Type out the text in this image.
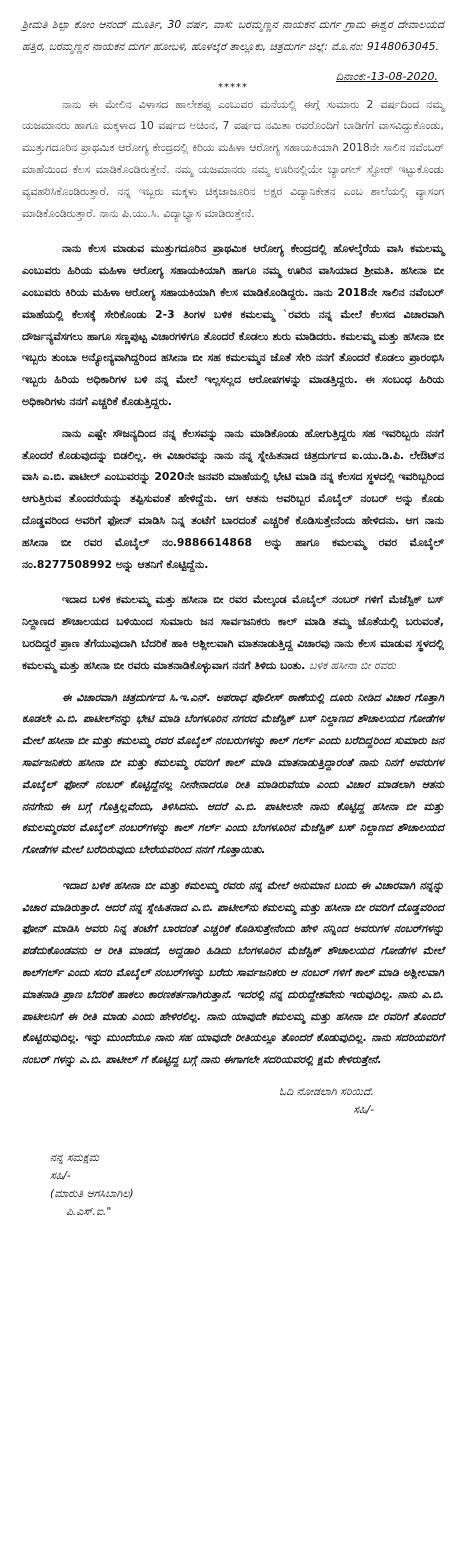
ಶ್ರೀಮತಿ ಶಿಲ್ಪಾ ಕೋಂ ಆನಂದ್ ಮೂರ್ತಿ, 30 ವರ್ಷ, ವಾಸ: ಬರಮ್ಮಣ್ಣನ ನಾಯಕನ ದುರ್ಗ ಗ್ರಾಮ ಈಶ್ವರ ದೇವಾಲಯದ ಹತ್ತಿರ, ಬರಮ್ಮಣ್ಣನ ನಾಯಕನ ದುರ್ಗ ಹೋಬಳಿ, ಹೊಳಲ್ಕೆರೆ ತಾಲ್ಲೂಕು, ಚಿತ್ರದುರ್ಗ ಜಿಲ್ಲೆ: ಮೊ.ನಂ: 9148063045.

ದಿನಾಂಕ:-13-08-2020.
*****

ನಾನು ಈ ಮೇಲಿನ ವಿಳಾಸದ ಹಾಲೇಶಪ್ಪ ಎಂಬುವರ ಮನೆಯಲ್ಲಿ ಈಗ್ಗೆ ಸುಮಾರು 2 ವರ್ಷದಿಂದ ನಮ್ಮ ಯಜಮಾನರು ಹಾಗೂ ಮಕ್ಕಳಾದ 10 ವರ್ಷದ ಅಚಿಂನ, 7 ವರ್ಷದ ನಮಿತಾ ರವರೊಂದಿಗೆ ಬಾಡಿಗೆಗೆ ವಾಸವಿದ್ದುಕೊಂಡು, ಮುತ್ತುಗದೂರಿನ ಪ್ರಾಥಮಿಕ ಆರೋಗ್ಯ ಕೇಂದ್ರದಲ್ಲಿ ಕಿರಿಯ ಮಹಿಳಾ ಆರೋಗ್ಯ ಸಹಾಯಕಿಯಾಗಿ 2018ನೇ ಸಾಲಿನ ನವೆಂಬರ್ ಮಾಹೆಯಿಂದ ಕೆಲಸ ಮಾಡಿಕೊಂಡಿರುತ್ತೇನೆ. ನಮ್ಮ ಯಜಮಾನರು ನಮ್ಮ ಊರಿನಲ್ಲಿಯೇ ಬ್ಯಾಂಗಲ್ ಸ್ಟೋರ್ ಇಟ್ಟುಕೊಂಡು ವ್ಯವಹರಿಸಿಕೊಂಡಿರುತ್ತಾರೆ. ನನ್ನ ಇಬ್ಬರು ಮಕ್ಕಳು ಚಿಕ್ಕಜಾಜೂರಿನ ಅಕ್ಷರ ವಿದ್ಯಾನಿಕೇತನ ಎಂಬ ಶಾಲೆಯಲ್ಲಿ ವ್ಯಾಸಂಗ ಮಾಡಿಕೊಂಡಿರುತ್ತಾರೆ. ನಾನು ಪಿ.ಯು.ಸಿ. ವಿದ್ಯಾಭ್ಯಾಸ ಮಾಡಿರುತ್ತೇನೆ.

ನಾನು ಕೆಲಸ ಮಾಡುವ ಮುತ್ತುಗದೂರಿನ ಪ್ರಾಥಮಿಕ ಆರೋಗ್ಯ ಕೇಂದ್ರದಲ್ಲಿ ಹೊಳಲ್ಕೆರೆಯ ವಾಸಿ ಕಮಲಮ್ಮ ಎಂಬುವರು ಹಿರಿಯ ಮಹಿಳಾ ಆರೋಗ್ಯ ಸಹಾಯಕಿಯಾಗಿ ಹಾಗೂ ನಮ್ಮ ಊರಿನ ವಾಸಿಯಾದ ಶ್ರೀಮತಿ. ಹಸೀನಾ ಬೀ ಎಂಬುವರು ಕಿರಿಯ ಮಹಿಳಾ ಆರೋಗ್ಯ ಸಹಾಯಕಿಯಾಗಿ ಕೆಲಸ ಮಾಡಿಕೊಂಡಿದ್ದರು. ನಾನು 2018ನೇ ಸಾಲಿನ ನವೆಂಬರ್ ಮಾಹೆಯಲ್ಲಿ ಕೆಲಸಕ್ಕೆ ಸೇರಿಕೊಂಡು 2-3 ತಿಂಗಳ ಬಳಿಕ ಕಮಲಮ್ಮ `ರವರು ನನ್ನ ಮೇಲೆ ಕೆಲಸದ ವಿಚಾರವಾಗಿ ದೌರ್ಜನ್ಯವೆಸಗಲು ಹಾಗೂ ಸಣ್ಣಪುಟ್ಟ ವಿಚಾರಗಳಿಗೂ ತೊಂದರೆ ಕೊಡಲು ಶುರು ಮಾಡಿದರು. ಕಮಲಮ್ಮ ಮತ್ತು ಹಸೀನಾ ಬೀ ಇಬ್ಬರು ತುಂಬಾ ಅನ್ಯೋನ್ಯವಾಗಿದ್ದರಿಂದ ಹಸೀನಾ ಬೀ ಸಹ ಕಮಲಮ್ಮನ ಜೊತೆ ಸೇರಿ ನನಗೆ ತೊಂದರೆ ಕೊಡಲು ಪ್ರಾರಂಭಿಸಿ ಇಬ್ಬರು ಹಿರಿಯ ಅಧಿಕಾರಿಗಳ ಬಳಿ ನನ್ನ ಮೇಲೆ ಇಲ್ಲಸಲ್ಲದ ಆರೋಪಗಳನ್ನು ಮಾಡತ್ತಿದ್ದರು. ಈ ಸಂಬಂಧ ಹಿರಿಯ ಅಧಿಕಾರಿಗಳು ನನಗೆ ಎಚ್ಚರಿಕೆ ಕೊಡುತ್ತಿದ್ದರು.

ನಾನು ಎಷ್ಟೇ ಸೌಜನ್ಯದಿಂದ ನನ್ನ ಕೆಲಸವನ್ನು ನಾನು ಮಾಡಿಕೊಂಡು ಹೋಗುತ್ತಿದ್ದರು ಸಹ ಇವರಿಬ್ಬರು ನನಗೆ ತೊಂದರೆ ಕೊಡುವುದನ್ನು ಬಿಡಲಿಲ್ಲ. ಈ ವಿಚಾರವನ್ನು ನಾನು ನನ್ನ ಸ್ನೇಹಿತನಾದ ಚಿತ್ರದುರ್ಗದ ಐ.ಯು.ಡಿ.ಪಿ. ಲೇಔಟ್‌ನ ವಾಸಿ ಎ.ಬಿ. ಪಾಟೀಲ್ ಎಂಬುವರನ್ನು 2020ನೇ ಜನವರಿ ಮಾಹೆಯಲ್ಲಿ ಭೇಟಿ ಮಾಡಿ ನನ್ನ ಕೆಲಸದ ಸ್ಥಳದಲ್ಲಿ ಇವರಿಬ್ಬರಿಂದ ಆಗುತ್ತಿರುವ ತೊಂದರೆಯನ್ನು ತಪ್ಪಿಸುವಂತೆ ಹೇಳಿದ್ದೆನು. ಆಗ ಆತನು ಅವರಿಬ್ಬರ ಮೊಬೈಲ್ ನಂಬರ್ ಅನ್ನು ಕೊಡು ದೊಡ್ಡವರಿಂದ ಅವರಿಗೆ ಫೋನ್ ಮಾಡಿಸಿ ನಿನ್ನ ತಂಟೆಗೆ ಬಾರದಂತೆ ಎಚ್ಚರಿಕೆ ಕೊಡಿಸುತ್ತೇನೆಂದು ಹೇಳಿದನು. ಆಗ ನಾನು ಹಸೀನಾ ಬೀ ರವರ ಮೊಬೈಲ್ ನಂ.9886614868 ಅನ್ನು ಹಾಗೂ ಕಮಲಮ್ಮ ರವರ ಮೊಬೈಲ್ ನಂ.8277508992 ಅನ್ನು ಆತನಿಗೆ ಕೊಟ್ಟಿದ್ದೆನು.

ಇದಾದ ಬಳಿಕ ಕಮಲಮ್ಮ ಮತ್ತು ಹಸೀನಾ ಬೀ ರವರ ಮೇಲ್ಕಂಡ ಮೊಬೈಲ್ ನಂಬರ್ ಗಳಿಗೆ ಮೆಜೆಸ್ಟಿಕ್ ಬಸ್ ನಿಲ್ದಾಣದ ಶೌಚಾಲಯದ ಬಳಿಯಿಂದ ಸುಮಾರು ಜನ ಸಾರ್ವಜನಿಕರು ಕಾಲ್ ಮಾಡಿ ತಮ್ಮ ಜೊತೆಯಲ್ಲಿ ಬರುವಂತೆ, ಬರದಿದ್ದರೆ ಪ್ರಾಣ ತೆಗೆಯುವುದಾಗಿ ಬೆದರಿಕೆ ಹಾಕಿ ಅಶ್ಲೀಲವಾಗಿ ಮಾತನಾಡುತ್ತಿದ್ದ ವಿಚಾರವು ನಾನು ಕೆಲಸ ಮಾಡುವ ಸ್ಥಳದಲ್ಲಿ ಕಮಲಮ್ಮ ಮತ್ತು ಹಸೀನಾ ಬೀ ರವರು ಮಾತನಾಡಿಕೊಳ್ಳುವಾಗ ನನಗೆ ತಿಳಿದು ಬಂತು. ಬಳಿಕ ಹಸೀನಾ ಬೀ ರವರು

ಈ ವಿಚಾರವಾಗಿ ಚಿತ್ರದುರ್ಗದ ಸಿ.ಇ.ಎನ್. ಅಪರಾಧ ಪೊಲೀಸ್ ಠಾಣೆಯಲ್ಲಿ ದೂರು ನೀಡಿದ ವಿಚಾರ ಗೊತ್ತಾಗಿ ಕೂಡಲೇ ಎ.ಬಿ. ಪಾಟೀಲ್‌ನನ್ನು ಭೇಟಿ ಮಾಡಿ ಬೆಂಗಳೂರಿನ ನಗರದ ಮೆಜೆಸ್ಟಿಕ್ ಬಸ್ ನಿಲ್ದಾಣದ ಶೌಚಾಲಯದ ಗೋಡೆಗಳ ಮೇಲೆ ಹಸೀನಾ ಬೀ ಮತ್ತು ಕಮಲಮ್ಮ ರವರ ಮೊಬೈಲ್ ನಂಬರುಗಳನ್ನು ಕಾಲ್ ಗರ್ಲ್ ಎಂದು ಬರೆದಿದ್ದರಿಂದ ಸುಮಾರು ಜನ ಸಾರ್ವಜನಿಕರು ಹಸೀನಾ ಬೀ ಮತ್ತು ಕಮಲಮ್ಮ ರವರಿಗೆ ಕಾಲ್ ಮಾಡಿ ಮಾತನಾಡುತ್ತಿದ್ದಾರಂತೆ ನಾನು ನಿನಗೆ ಅವರುಗಳ ಮೊಬೈಲ್ ಫೋನ್ ನಂಬರ್ ಕೊಟ್ಟಿದ್ದೆನಲ್ಲ ನೀನೇನಾದರೂ ರೀತಿ ಮಾಡಿರುವೆಯಾ ಎಂದು ವಿಚಾರ ಮಾಡಲಾಗಿ ಆತನು ನನಗೇನು ಈ ಬಗ್ಗೆ ಗೊತ್ತಿಲ್ಲವೆಂದು, ತಿಳಿಸಿದನು. ಆದರೆ ಎ.ಬಿ. ಪಾಟೀಲನೇ ನಾನು ಕೊಟ್ಟಿದ್ದ ಹಸೀನಾ ಬೀ ಮತ್ತು ಕಮಲಮ್ಮರವರ ಮೊಬೈಲ್ ನಂಬರ್‌ಗಳನ್ನು ಕಾಲ್ ಗರ್ಲ್ ಎಂದು ಬೆಂಗಳೂರಿನ ಮೆಜೆಸ್ಟಿಕ್ ಬಸ್ ನಿಲ್ದಾಣದ ಶೌಚಾಲಯದ ಗೋಡೆಗಳ ಮೇಲೆ ಬರೆದಿರುವುದು ಬೇರೆಯವರಿಂದ ನನಗೆ ಗೊತ್ತಾಯಿತು.

ಇದಾದ ಬಳಿಕ ಹಸೀನಾ ಬೀ ಮತ್ತು ಕಮಲಮ್ಮ ರವರು ನನ್ನ ಮೇಲೆ ಅನುಮಾನ ಬಂದು ಈ ವಿಚಾರವಾಗಿ ನನ್ನನ್ನು ವಿಚಾರ ಮಾಡಿರುತ್ತಾರೆ. ಆದರೆ ನನ್ನ ಸ್ನೇಹಿತನಾದ ಎ.ಬಿ. ಪಾಟೀಲ್‌ನು ಕಮಲಮ್ಮ ಮತ್ತು ಹಸೀನಾ ಬೀ ರವರಿಗೆ ದೊಡ್ಡವರಿಂದ ಫೋನ್ ಮಾಡಿಸಿ ಅವರು ನಿನ್ನ ತಂಟೆಗೆ ಬಾರದಂತೆ ಎಚ್ಚರಿಕೆ ಕೊಡಿಸುತ್ತೇನೆಂದು ಹೇಳಿ ನನ್ನಿಂದ ಅವರುಗಳ ನಂಬರ್‌ಗಳನ್ನು ಪಡೆದುಕೊಂಡವನು ಆ ರೀತಿ ಮಾಡದೆ, ಅದ್ದಡಾರಿ ಹಿಡಿದು ಬೆಂಗಳೂರಿನ ಮೆಜೆಸ್ಟಿಕ್ ಶೌಚಾಲಯದ ಗೋಡೆಗಳ ಮೇಲೆ ಕಾಲ್‌ಗರ್ಲ್ ಎಂದು ಸದರಿ ಮೊಬೈಲ್ ನಂಬರ್‌ಗಳನ್ನು ಬರೆದು ಸಾರ್ವಜನಿಕರು ಆ ನಂಬರ್ ಗಳಿಗೆ ಕಾಲ್ ಮಾಡಿ ಅಶ್ಲೀಲವಾಗಿ ಮಾತನಾಡಿ ಪ್ರಾಣ ಬೆದರಿಕೆ ಹಾಕಲು ಕಾರಣಕರ್ತನಾಗಿರುತ್ತಾನೆ. ಇದರಲ್ಲಿ ನನ್ನ ದುರುದ್ದೇಶವೇನು ಇರುವುದಿಲ್ಲ. ನಾನು ಎ.ಬಿ. ಪಾಟೀಲನಿಗೆ ಈ ರೀತಿ ಮಾಡು ಎಂದು ಹೇಳಿರಲಿಲ್ಲ. ನಾನು ಯಾವುದೇ ಕಮಲಮ್ಮ ಮತ್ತು ಹಸೀನಾ ಬೀ ರವರಿಗೆ ತೊಂದರೆ ಕೊಟ್ಟಿರುವುದಿಲ್ಲ. ಇನ್ನು ಮುಂದೆಯೂ ನಾನು ಸಹ ಯಾವುದೇ ರೀತಿಯಲ್ಲೂ ತೊಂದರೆ ಕೊಡುವುದಿಲ್ಲ. ನಾನು ಸದರಿಯವರಿಗೆ ನಂಬರ್ ಗಳನ್ನು ಎ.ಬಿ. ಪಾಟೀಲ್ ಗೆ ಕೊಟ್ಟಿದ್ದ ಬಗ್ಗೆ ನಾನು ಈಗಾಗಲೇ ಸದರಿಯವರಲ್ಲಿ ಕ್ಷಮೆ ಕೇಳಿರುತ್ತೇನೆ.

ಓದಿ ನೋಡಲಾಗಿ ಸರಿಯಿದೆ.
ಸಹಿ/-
ನನ್ನ ಸಮಕ್ಷಮ
ಸಹಿ/-
(ಮಾರುತಿ ಆಗಸಿಬಾಗಿಲ)
ಪಿ.ಎಸ್.ಐ."
